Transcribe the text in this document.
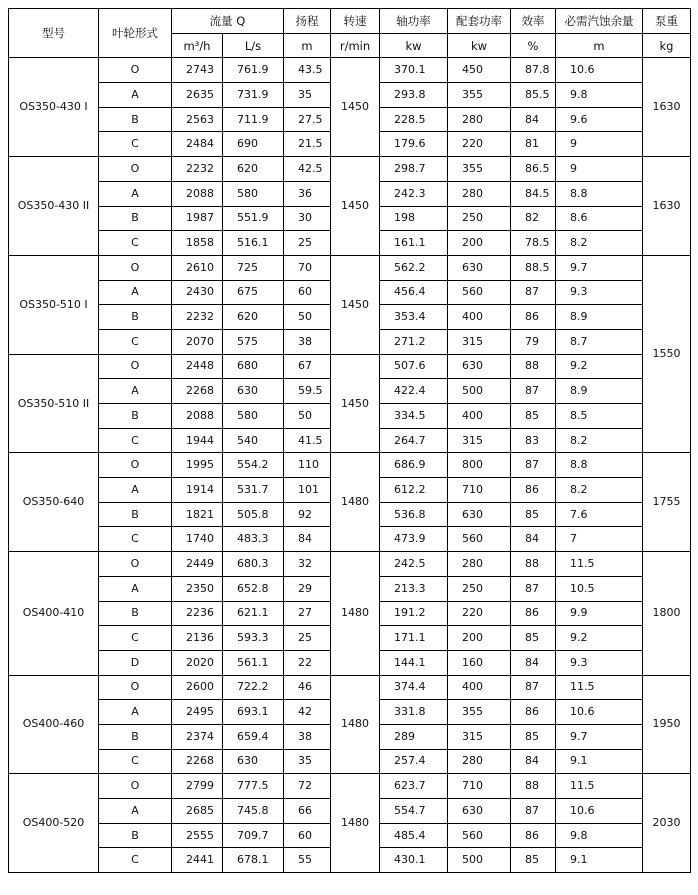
型号	叶轮形式	流量 Q		扬程	转速	轴功率	配套功率	效率	必需汽蚀余量	泵重
		m³/h	L/s	m	r/min	kw	kw	%	m	kg
OS350-430 I	O	2743	761.9	43.5	1450	370.1	450	87.8	10.6	1630
	A	2635	731.9	35		293.8	355	85.5	9.8	
	B	2563	711.9	27.5		228.5	280	84	9.6	
	C	2484	690	21.5		179.6	220	81	9	
OS350-430 II	O	2232	620	42.5	1450	298.7	355	86.5	9	1630
	A	2088	580	36		242.3	280	84.5	8.8	
	B	1987	551.9	30		198	250	82	8.6	
	C	1858	516.1	25		161.1	200	78.5	8.2	
OS350-510 I	O	2610	725	70	1450	562.2	630	88.5	9.7	1550
	A	2430	675	60		456.4	560	87	9.3	
	B	2232	620	50		353.4	400	86	8.9	
	C	2070	575	38		271.2	315	79	8.7	
OS350-510 II	O	2448	680	67	1450	507.6	630	88	9.2	
	A	2268	630	59.5		422.4	500	87	8.9	
	B	2088	580	50		334.5	400	85	8.5	
	C	1944	540	41.5		264.7	315	83	8.2	
OS350-640	O	1995	554.2	110	1480	686.9	800	87	8.8	1755
	A	1914	531.7	101		612.2	710	86	8.2	
	B	1821	505.8	92		536.8	630	85	7.6	
	C	1740	483.3	84		473.9	560	84	7	
OS400-410	O	2449	680.3	32	1480	242.5	280	88	11.5	1800
	A	2350	652.8	29		213.3	250	87	10.5	
	B	2236	621.1	27		191.2	220	86	9.9	
	C	2136	593.3	25		171.1	200	85	9.2	
	D	2020	561.1	22		144.1	160	84	9.3	
OS400-460	O	2600	722.2	46	1480	374.4	400	87	11.5	1950
	A	2495	693.1	42		331.8	355	86	10.6	
	B	2374	659.4	38		289	315	85	9.7	
	C	2268	630	35		257.4	280	84	9.1	
OS400-520	O	2799	777.5	72	1480	623.7	710	88	11.5	2030
	A	2685	745.8	66		554.7	630	87	10.6	
	B	2555	709.7	60		485.4	560	86	9.8	
	C	2441	678.1	55		430.1	500	85	9.1	
